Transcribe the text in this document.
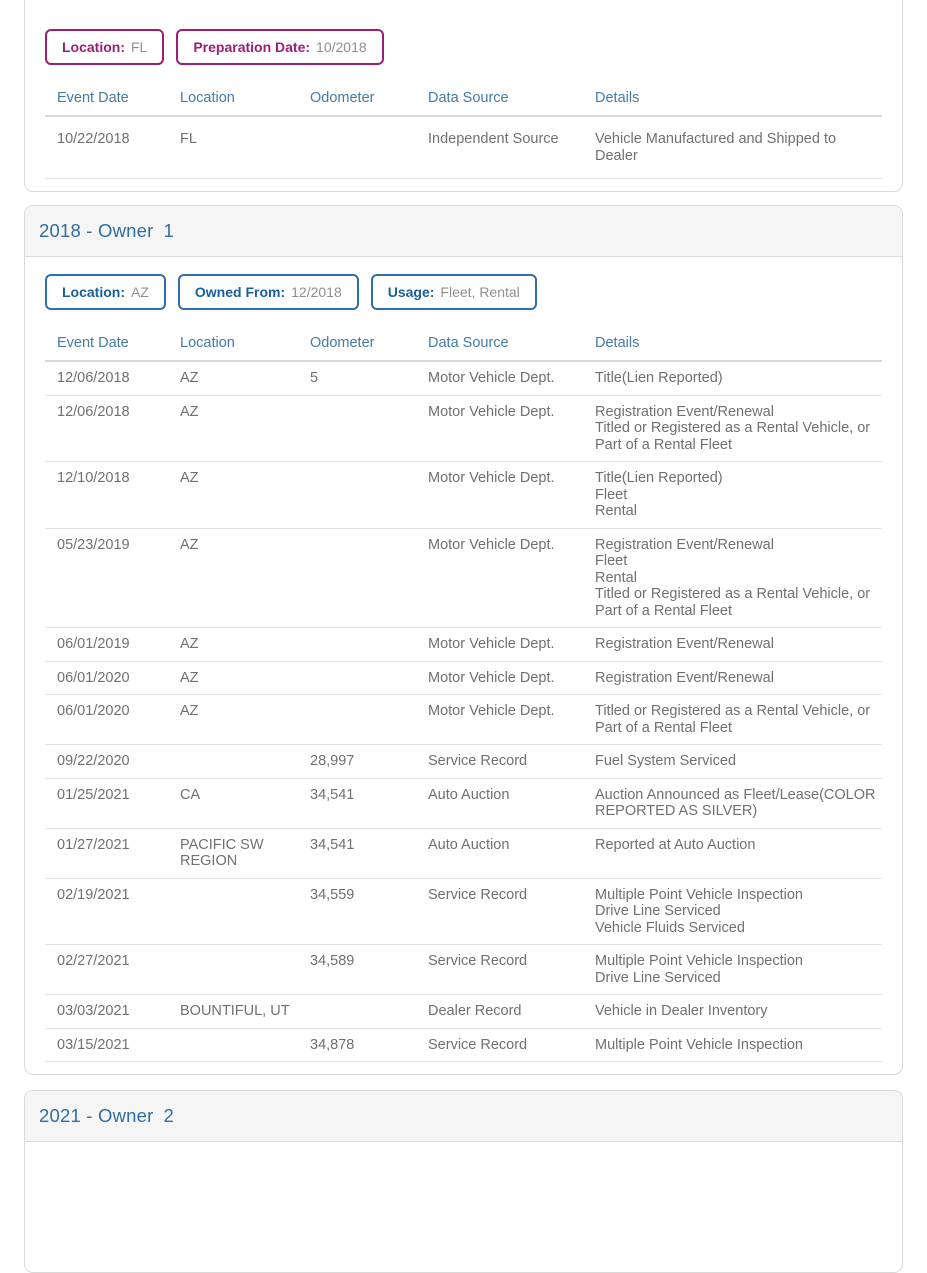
Location: FL	Preparation Date: 10/2018
Event Date	Location	Odometer	Data Source	Details
10/22/2018	FL		Independent Source	Vehicle Manufactured and Shipped to Dealer
2018 - Owner 1
Location: AZ	Owned From: 12/2018	Usage: Fleet, Rental
Event Date	Location	Odometer	Data Source	Details
12/06/2018	AZ	5	Motor Vehicle Dept.	Title(Lien Reported)

12/06/2018	AZ		Motor Vehicle Dept.	Registration Event/Renewal
Titled or Registered as a Rental Vehicle, or Part of a Rental Fleet

12/10/2018	AZ		Motor Vehicle Dept.	Title(Lien Reported)
Fleet
Rental

05/23/2019	AZ		Motor Vehicle Dept.	Registration Event/Renewal
Fleet
Rental
Titled or Registered as a Rental Vehicle, or Part of a Rental Fleet

06/01/2019	AZ		Motor Vehicle Dept.	Registration Event/Renewal

06/01/2020	AZ		Motor Vehicle Dept.	Registration Event/Renewal

06/01/2020	AZ		Motor Vehicle Dept.	Titled or Registered as a Rental Vehicle, or Part of a Rental Fleet

09/22/2020		28,997	Service Record	Fuel System Serviced

01/25/2021	CA	34,541	Auto Auction	Auction Announced as Fleet/Lease(COLOR REPORTED AS SILVER)

01/27/2021	PACIFIC SW REGION	34,541	Auto Auction	Reported at Auto Auction

02/19/2021		34,559	Service Record	Multiple Point Vehicle Inspection
Drive Line Serviced
Vehicle Fluids Serviced

02/27/2021		34,589	Service Record	Multiple Point Vehicle Inspection
Drive Line Serviced

03/03/2021	BOUNTIFUL, UT		Dealer Record	Vehicle in Dealer Inventory

03/15/2021		34,878	Service Record	Multiple Point Vehicle Inspection
2021 - Owner 2
